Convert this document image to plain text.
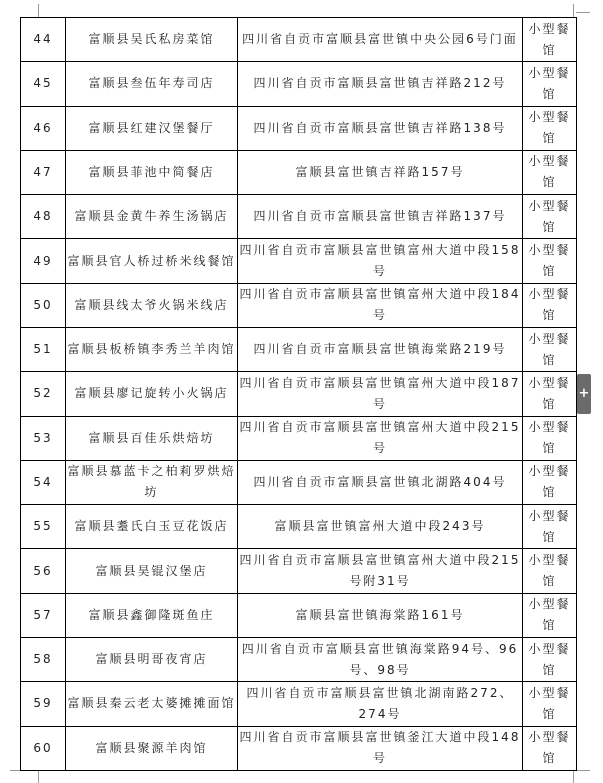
44	富顺县吴氏私房菜馆	四川省自贡市富顺县富世镇中央公园6号门面	小型餐馆
45	富顺县叁伍年寿司店	四川省自贡市富顺县富世镇吉祥路212号	小型餐馆
46	富顺县红建汉堡餐厅	四川省自贡市富顺县富世镇吉祥路138号	小型餐馆
47	富顺县菲池中简餐店	富顺县富世镇吉祥路157号	小型餐馆
48	富顺县金黄牛养生汤锅店	四川省自贡市富顺县富世镇吉祥路137号	小型餐馆
49	富顺县官人桥过桥米线餐馆	四川省自贡市富顺县富世镇富州大道中段158号	小型餐馆
50	富顺县线太爷火锅米线店	四川省自贡市富顺县富世镇富州大道中段184号	小型餐馆
51	富顺县板桥镇李秀兰羊肉馆	四川省自贡市富顺县富世镇海棠路219号	小型餐馆
52	富顺县廖记旋转小火锅店	四川省自贡市富顺县富世镇富州大道中段187号	小型餐馆
53	富顺县百佳乐烘焙坊	四川省自贡市富顺县富世镇富州大道中段215号	小型餐馆
54	富顺县慕蓝卡之柏莉罗烘焙坊	四川省自贡市富顺县富世镇北湖路404号	小型餐馆
55	富顺县耋氏白玉豆花饭店	富顺县富世镇富州大道中段243号	小型餐馆
56	富顺县昊锟汉堡店	四川省自贡市富顺县富世镇富州大道中段215号附31号	小型餐馆
57	富顺县鑫御隆斑鱼庄	富顺县富世镇海棠路161号	小型餐馆
58	富顺县明哥夜宵店	四川省自贡市富顺县富世镇海棠路94号、96号、98号	小型餐馆
59	富顺县秦云老太婆摊摊面馆	四川省自贡市富顺县富世镇北湖南路272、274号	小型餐馆
60	富顺县聚源羊肉馆	四川省自贡市富顺县富世镇釜江大道中段148号	小型餐馆
+
